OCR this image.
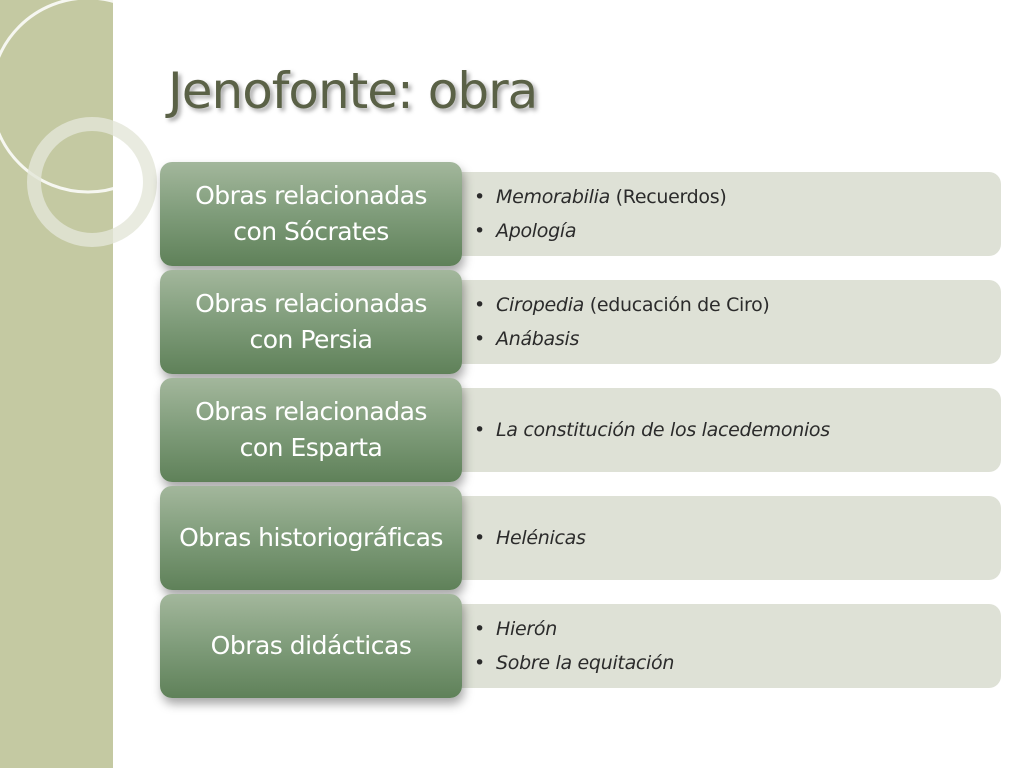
Jenofonte: obra
• Memorabilia (Recuerdos)
• Apología
Obras relacionadas con Sócrates
• Ciropedia (educación de Ciro)
• Anábasis
Obras relacionadas con Persia
• La constitución de los lacedemonios
Obras relacionadas con Esparta
• Helénicas
Obras historiográficas
• Hierón
• Sobre la equitación
Obras didácticas
